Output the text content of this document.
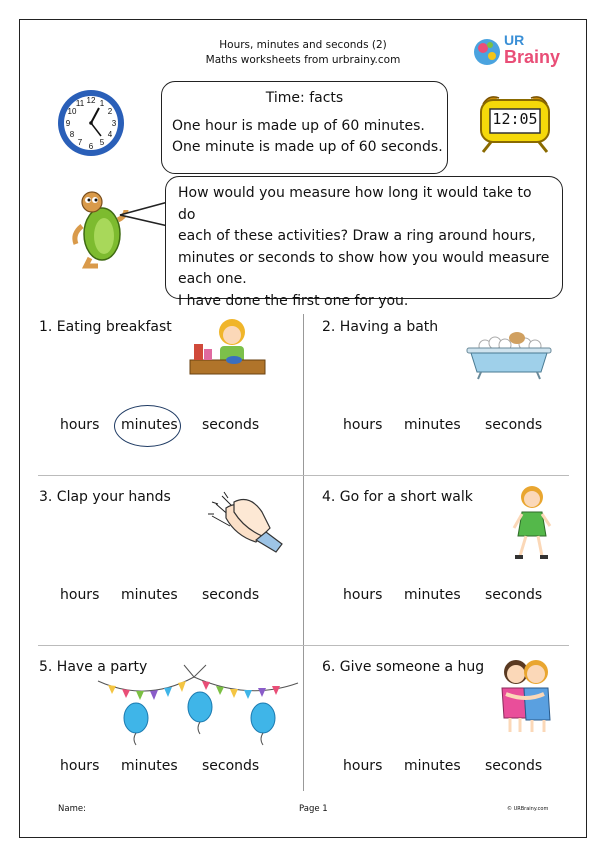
Hours, minutes and seconds (2)
Maths worksheets from urbrainy.com
UR
Brainy
12 1
2
3
4
5
6
7
8
9
10
11	Time: facts
One hour is made up of 60 minutes.
One minute is made up of 60 seconds.
12:05
How would you measure how long it would take to do
each of these activities? Draw a ring around hours,
minutes or seconds to show how you would measure
each one.
I have done the first one for you.
1. Eating breakfast
hours minutes seconds
2. Having a bath
hours minutes seconds
3. Clap your hands
hours minutes seconds
4. Go for a short walk
hours minutes seconds
5. Have a party
hours minutes seconds
6. Give someone a hug
hours minutes seconds
Name:	Page 1	© URBrainy.com
